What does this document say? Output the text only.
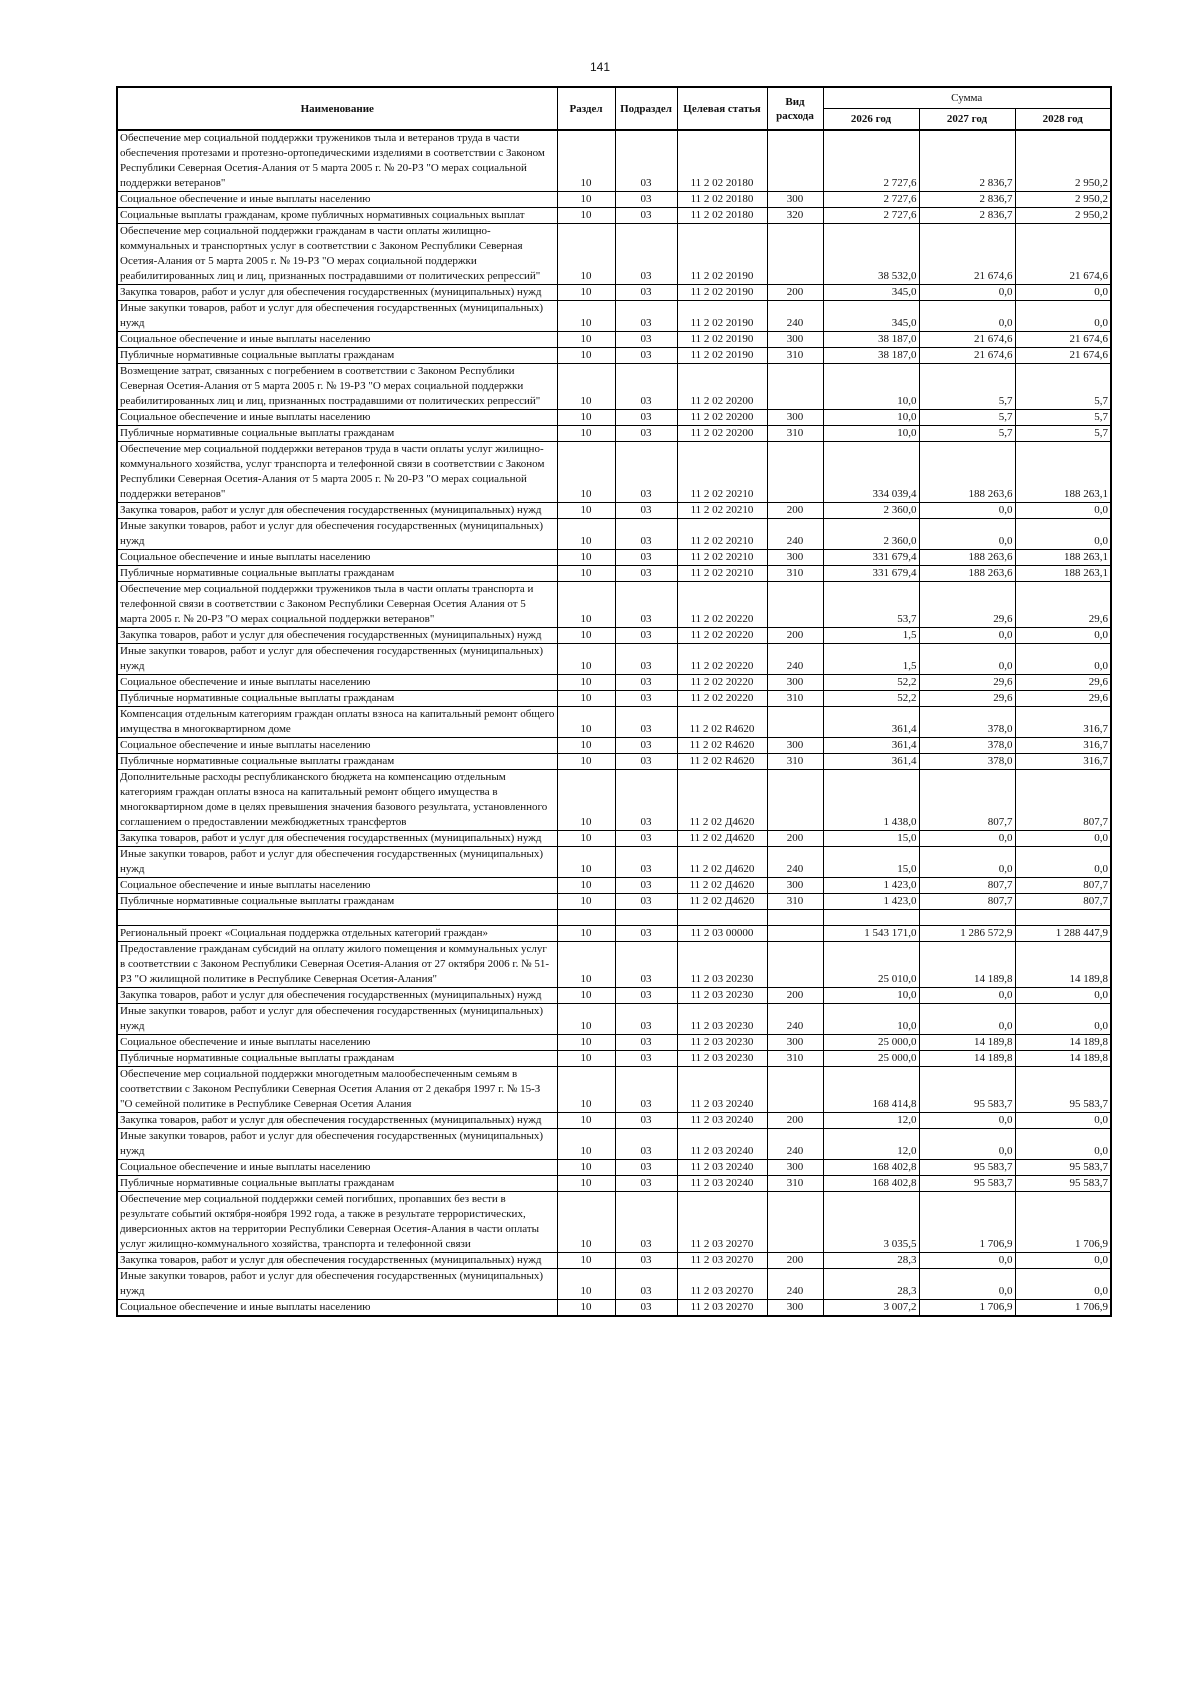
141
Наименование	Раздел	Подраздел	Целевая статья	Вид расхода	Сумма		
					2026 год	2027 год	2028 год
Обеспечение мер социальной поддержки тружеников тыла и ветеранов труда в части обеспечения протезами и протезно-ортопедическими изделиями в соответствии с Законом Республики Северная Осетия-Алания от 5 марта 2005 г. № 20-РЗ "О мерах социальной поддержки ветеранов"	10	03	11 2 02 20180		2 727,6	2 836,7	2 950,2
Социальное обеспечение и иные выплаты населению	10	03	11 2 02 20180	300	2 727,6	2 836,7	2 950,2
Социальные выплаты гражданам, кроме публичных нормативных социальных выплат	10	03	11 2 02 20180	320	2 727,6	2 836,7	2 950,2
Обеспечение мер социальной поддержки гражданам в части оплаты жилищно-коммунальных и транспортных услуг в соответствии с Законом Республики Северная Осетия-Алания от 5 марта 2005 г. № 19-РЗ "О мерах социальной поддержки реабилитированных лиц и лиц, признанных пострадавшими от политических репрессий"	10	03	11 2 02 20190		38 532,0	21 674,6	21 674,6
Закупка товаров, работ и услуг для обеспечения государственных (муниципальных) нужд	10	03	11 2 02 20190	200	345,0	0,0	0,0
Иные закупки товаров, работ и услуг для обеспечения государственных (муниципальных) нужд	10	03	11 2 02 20190	240	345,0	0,0	0,0
Социальное обеспечение и иные выплаты населению	10	03	11 2 02 20190	300	38 187,0	21 674,6	21 674,6
Публичные нормативные социальные выплаты гражданам	10	03	11 2 02 20190	310	38 187,0	21 674,6	21 674,6
Возмещение затрат, связанных с погребением в соответствии с Законом Республики Северная Осетия-Алания от 5 марта 2005 г. № 19-РЗ "О мерах социальной поддержки реабилитированных лиц и лиц, признанных пострадавшими от политических репрессий"	10	03	11 2 02 20200		10,0	5,7	5,7
Социальное обеспечение и иные выплаты населению	10	03	11 2 02 20200	300	10,0	5,7	5,7
Публичные нормативные социальные выплаты гражданам	10	03	11 2 02 20200	310	10,0	5,7	5,7
Обеспечение мер социальной поддержки ветеранов труда в части оплаты услуг жилищно-коммунального хозяйства, услуг транспорта и телефонной связи в соответствии с Законом Республики Северная Осетия-Алания от 5 марта 2005 г. № 20-РЗ "О мерах социальной поддержки ветеранов"	10	03	11 2 02 20210		334 039,4	188 263,6	188 263,1
Закупка товаров, работ и услуг для обеспечения государственных (муниципальных) нужд	10	03	11 2 02 20210	200	2 360,0	0,0	0,0
Иные закупки товаров, работ и услуг для обеспечения государственных (муниципальных) нужд	10	03	11 2 02 20210	240	2 360,0	0,0	0,0
Социальное обеспечение и иные выплаты населению	10	03	11 2 02 20210	300	331 679,4	188 263,6	188 263,1
Публичные нормативные социальные выплаты гражданам	10	03	11 2 02 20210	310	331 679,4	188 263,6	188 263,1
Обеспечение мер социальной поддержки тружеников тыла в части оплаты транспорта и телефонной связи в соответствии с Законом Республики Северная Осетия Алания от 5 марта 2005 г. № 20-РЗ "О мерах социальной поддержки ветеранов"	10	03	11 2 02 20220		53,7	29,6	29,6
Закупка товаров, работ и услуг для обеспечения государственных (муниципальных) нужд	10	03	11 2 02 20220	200	1,5	0,0	0,0
Иные закупки товаров, работ и услуг для обеспечения государственных (муниципальных) нужд	10	03	11 2 02 20220	240	1,5	0,0	0,0
Социальное обеспечение и иные выплаты населению	10	03	11 2 02 20220	300	52,2	29,6	29,6
Публичные нормативные социальные выплаты гражданам	10	03	11 2 02 20220	310	52,2	29,6	29,6
Компенсация отдельным категориям граждан оплаты взноса на капитальный ремонт общего имущества в многоквартирном доме	10	03	11 2 02 R4620		361,4	378,0	316,7
Социальное обеспечение и иные выплаты населению	10	03	11 2 02 R4620	300	361,4	378,0	316,7
Публичные нормативные социальные выплаты гражданам	10	03	11 2 02 R4620	310	361,4	378,0	316,7
Дополнительные расходы республиканского бюджета на компенсацию отдельным категориям граждан оплаты взноса на капитальный ремонт общего имущества в многоквартирном доме в целях превышения значения базового результата, установленного соглашением о предоставлении межбюджетных трансфертов	10	03	11 2 02 Д4620		1 438,0	807,7	807,7
Закупка товаров, работ и услуг для обеспечения государственных (муниципальных) нужд	10	03	11 2 02 Д4620	200	15,0	0,0	0,0
Иные закупки товаров, работ и услуг для обеспечения государственных (муниципальных) нужд	10	03	11 2 02 Д4620	240	15,0	0,0	0,0
Социальное обеспечение и иные выплаты населению	10	03	11 2 02 Д4620	300	1 423,0	807,7	807,7
Публичные нормативные социальные выплаты гражданам	10	03	11 2 02 Д4620	310	1 423,0	807,7	807,7

Региональный проект «Социальная поддержка отдельных категорий граждан»	10	03	11 2 03 00000		1 543 171,0	1 286 572,9	1 288 447,9
Предоставление гражданам субсидий на оплату жилого помещения и коммунальных услуг в соответствии с Законом Республики Северная Осетия-Алания от 27 октября 2006 г. № 51-РЗ "О жилищной политике в Республике Северная Осетия-Алания"	10	03	11 2 03 20230		25 010,0	14 189,8	14 189,8
Закупка товаров, работ и услуг для обеспечения государственных (муниципальных) нужд	10	03	11 2 03 20230	200	10,0	0,0	0,0
Иные закупки товаров, работ и услуг для обеспечения государственных (муниципальных) нужд	10	03	11 2 03 20230	240	10,0	0,0	0,0
Социальное обеспечение и иные выплаты населению	10	03	11 2 03 20230	300	25 000,0	14 189,8	14 189,8
Публичные нормативные социальные выплаты гражданам	10	03	11 2 03 20230	310	25 000,0	14 189,8	14 189,8
Обеспечение мер социальной поддержки многодетным малообеспеченным семьям в соответствии с Законом Республики Северная Осетия Алания от 2 декабря 1997 г. № 15-З "О семейной политике в Республике Северная Осетия Алания	10	03	11 2 03 20240		168 414,8	95 583,7	95 583,7
Закупка товаров, работ и услуг для обеспечения государственных (муниципальных) нужд	10	03	11 2 03 20240	200	12,0	0,0	0,0
Иные закупки товаров, работ и услуг для обеспечения государственных (муниципальных) нужд	10	03	11 2 03 20240	240	12,0	0,0	0,0
Социальное обеспечение и иные выплаты населению	10	03	11 2 03 20240	300	168 402,8	95 583,7	95 583,7
Публичные нормативные социальные выплаты гражданам	10	03	11 2 03 20240	310	168 402,8	95 583,7	95 583,7
Обеспечение мер социальной поддержки семей погибших, пропавших без вести в результате событий октября-ноября 1992 года, а также в результате террористических, диверсионных актов на территории Республики Северная Осетия-Алания в части оплаты услуг жилищно-коммунального хозяйства, транспорта и телефонной связи	10	03	11 2 03 20270		3 035,5	1 706,9	1 706,9
Закупка товаров, работ и услуг для обеспечения государственных (муниципальных) нужд	10	03	11 2 03 20270	200	28,3	0,0	0,0
Иные закупки товаров, работ и услуг для обеспечения государственных (муниципальных) нужд	10	03	11 2 03 20270	240	28,3	0,0	0,0
Социальное обеспечение и иные выплаты населению	10	03	11 2 03 20270	300	3 007,2	1 706,9	1 706,9
